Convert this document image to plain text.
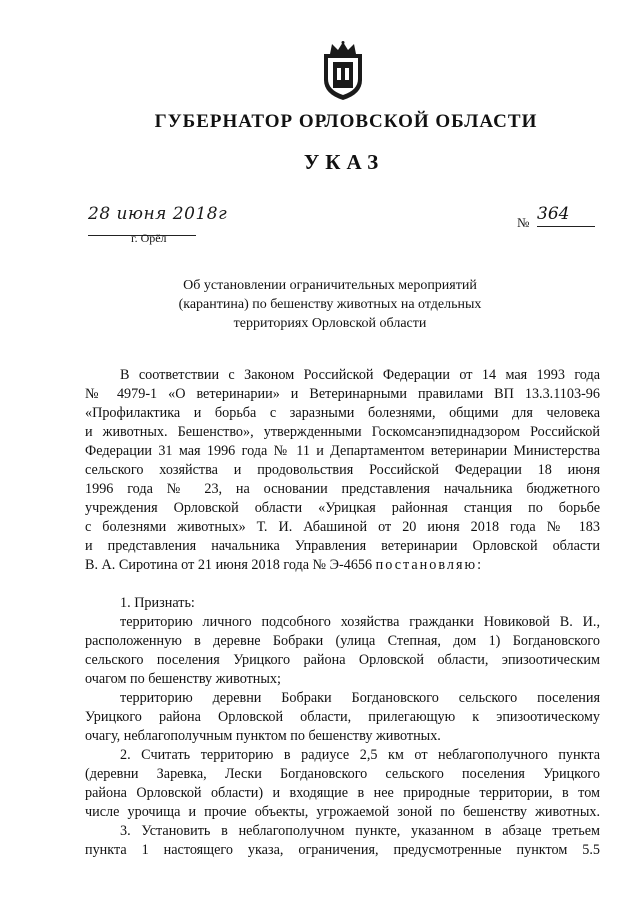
ГУБЕРНАТОР ОРЛОВСКОЙ ОБЛАСТИ
УКАЗ
28 июня 2018г
г. Орёл
№ 364
Об установлении ограничительных мероприятий
(карантина) по бешенству животных на отдельных
территориях Орловской области
В соответствии с Законом Российской Федерации от 14 мая 1993 года
№ 4979-1 «О ветеринарии» и Ветеринарными правилами ВП 13.3.1103-96
«Профилактика и борьба с заразными болезнями, общими для человека
и животных. Бешенство», утвержденными Госкомсанэпиднадзором Российской
Федерации 31 мая 1996 года № 11 и Департаментом ветеринарии Министерства
сельского хозяйства и продовольствия Российской Федерации 18 июня
1996 года № 23, на основании представления начальника бюджетного
учреждения Орловской области «Урицкая районная станция по борьбе
с болезнями животных» Т. И. Абашиной от 20 июня 2018 года № 183
и представления начальника Управления ветеринарии Орловской области
В. А. Сиротина от 21 июня 2018 года № Э-4656 постановляю:
1. Признать:
территорию личного подсобного хозяйства гражданки Новиковой В. И.,
расположенную в деревне Бобраки (улица Степная, дом 1) Богдановского
сельского поселения Урицкого района Орловской области, эпизоотическим
очагом по бешенству животных;
территорию деревни Бобраки Богдановского сельского поселения
Урицкого района Орловской области, прилегающую к эпизоотическому
очагу, неблагополучным пунктом по бешенству животных.
2. Считать территорию в радиусе 2,5 км от неблагополучного пункта
(деревни Заревка, Лески Богдановского сельского поселения Урицкого
района Орловской области) и входящие в нее природные территории, в том
числе урочища и прочие объекты, угрожаемой зоной по бешенству животных.
3. Установить в неблагополучном пункте, указанном в абзаце третьем
пункта 1 настоящего указа, ограничения, предусмотренные пунктом 5.5
